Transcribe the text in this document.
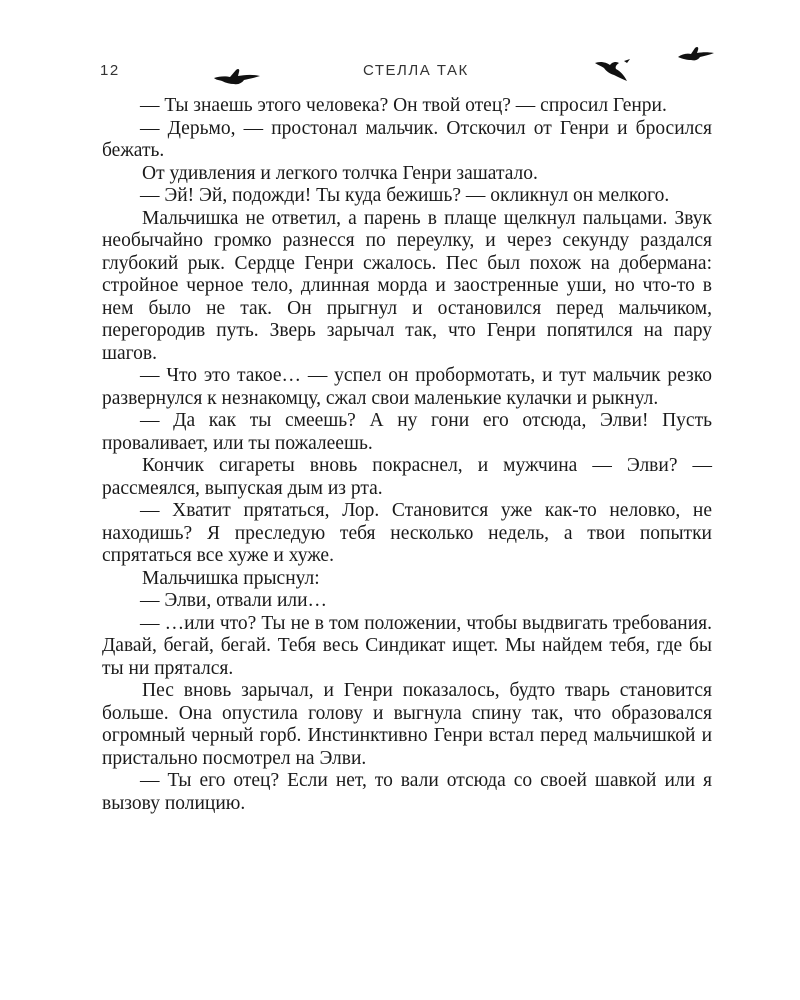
12	СТЕЛЛА ТАК

— Ты знаешь этого человека? Он твой отец? — спросил Генри.

— Дерьмо, — простонал мальчик. Отскочил от Генри и бросился бежать.

От удивления и легкого толчка Генри зашатало.

— Эй! Эй, подожди! Ты куда бежишь? — окликнул он мелкого.

Мальчишка не ответил, а парень в плаще щелкнул пальцами. Звук необычайно громко разнесся по переулку, и через секунду раздался глубокий рык. Сердце Генри сжалось. Пес был похож на добермана: стройное черное тело, длинная морда и заостренные уши, но что-то в нем было не так. Он прыгнул и остановился перед мальчиком, перегородив путь. Зверь зарычал так, что Генри попятился на пару шагов.

— Что это такое… — успел он пробормотать, и тут мальчик резко развернулся к незнакомцу, сжал свои маленькие кулачки и рыкнул.

— Да как ты смеешь? А ну гони его отсюда, Элви! Пусть проваливает, или ты пожалеешь.

Кончик сигареты вновь покраснел, и мужчина — Элви? — рассмеялся, выпуская дым из рта.

— Хватит прятаться, Лор. Становится уже как-то неловко, не находишь? Я преследую тебя несколько недель, а твои попытки спрятаться все хуже и хуже.

Мальчишка прыснул:

— Элви, отвали или…

— …или что? Ты не в том положении, чтобы выдвигать требования. Давай, бегай, бегай. Тебя весь Синдикат ищет. Мы найдем тебя, где бы ты ни прятался.

Пес вновь зарычал, и Генри показалось, будто тварь становится больше. Она опустила голову и выгнула спину так, что образовался огромный черный горб. Инстинктивно Генри встал перед мальчишкой и пристально посмотрел на Элви.

— Ты его отец? Если нет, то вали отсюда со своей шавкой или я вызову полицию.
